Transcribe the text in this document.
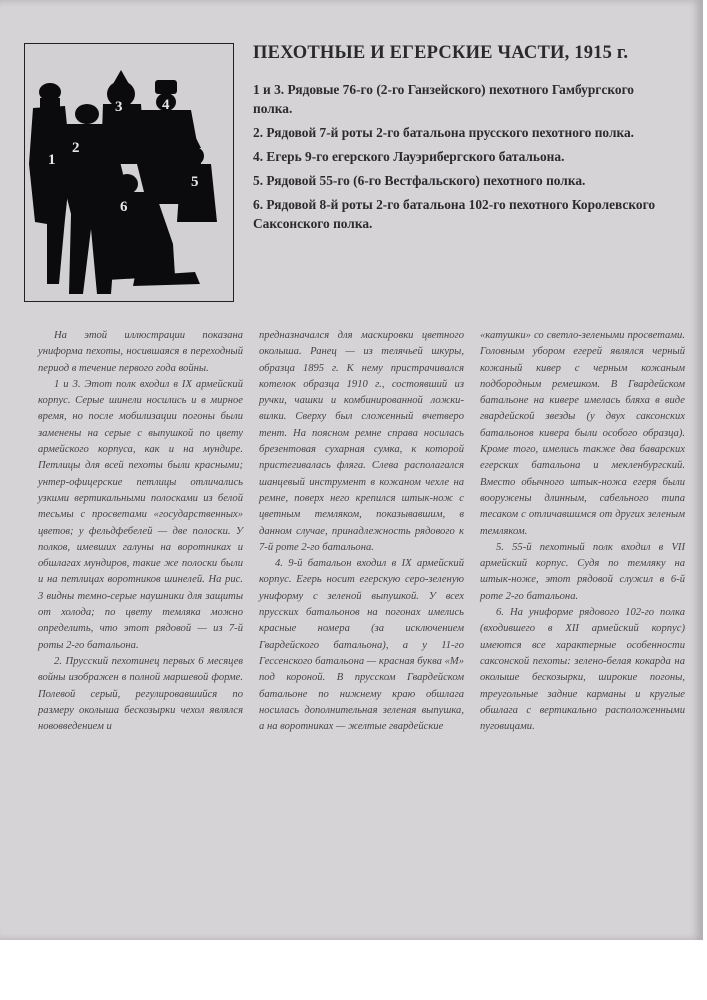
1
2
3	4
5
6
ПЕХОТНЫЕ И ЕГЕРСКИЕ ЧАСТИ, 1915 г.
1 и 3. Рядовые 76-го (2-го Ганзейского) пехотного Гамбургского полка.
2. Рядовой 7-й роты 2-го батальона прусского пехотного полка.
4. Егерь 9-го егерского Лауэрибергского батальона.
5. Рядовой 55-го (6-го Вестфальского) пехотного полка.
6. Рядовой 8-й роты 2-го батальона 102-го пехотного Королевского Саксонского полка.

На этой иллюстрации показана униформа пехоты, носившаяся в переходный период в течение первого года войны.

1 и 3. Этот полк входил в IX армейский корпус. Серые шинели носились и в мирное время, но после мобилизации погоны были заменены на серые с выпушкой по цвету армейского корпуса, как и на мундире. Петлицы для всей пехоты были красными; унтер-офицерские петлицы отличались узкими вертикальными полосками из белой тесьмы с просветами «государственных» цветов; у фельдфебелей — две полоски. У полков, имевших галуны на воротниках и обшлагах мундиров, такие же полоски были и на петлицах воротников шинелей. На рис. 3 видны темно-серые наушники для защиты от холода; по цвету темляка можно определить, что этот рядовой — из 7-й роты 2-го батальона.

2. Прусский пехотинец первых 6 месяцев войны изображен в полной маршевой форме. Полевой серый, регулировавшийся по размеру околыша бескозырки чехол являлся нововведением и

предназначался для маскировки цветного околыша. Ранец — из телячьей шкуры, образца 1895 г. К нему пристрачивался котелок образца 1910 г., состоявший из ручки, чашки и комбинированной ложки-вилки. Сверху был сложенный вчетверо тент. На поясном ремне справа носилась брезентовая сухарная сумка, к которой пристегивалась фляга. Слева располагался шанцевый инструмент в кожаном чехле на ремне, поверх него крепился штык-нож с цветным темляком, показывавшим, в данном случае, принадлежность рядового к 7-й роте 2-го батальона.

4. 9-й батальон входил в IX армейский корпус. Егерь носит егерскую серо-зеленую униформу с зеленой выпушкой. У всех прусских батальонов на погонах имелись красные номера (за исключением Гвардейского батальона), а у 11-го Гессенского батальона — красная буква «М» под короной. В прусском Гвардейском батальоне по нижнему краю обшлага носилась дополнительная зеленая выпушка, а на воротниках — желтые гвардейские

«катушки» со светло-зелеными просветами. Головным убором егерей являлся черный кожаный кивер с черным кожаным подбородным ремешком. В Гвардейском батальоне на кивере имелась бляха в виде гвардейской звезды (у двух саксонских батальонов кивера были особого образца). Кроме того, имелись также два баварских егерских батальона и мекленбургский. Вместо обычного штык-ножа егеря были вооружены длинным, сабельного типа тесаком с отличавшимся от других зеленым темляком.

5. 55-й пехотный полк входил в VII армейский корпус. Судя по темляку на штык-ноже, этот рядовой служил в 6-й роте 2-го батальона.

6. На униформе рядового 102-го полка (входившего в XII армейский корпус) имеются все характерные особенности саксонской пехоты: зелено-белая кокарда на околыше бескозырки, широкие погоны, треугольные задние карманы и круглые обшлага с вертикально расположенными пуговицами.
